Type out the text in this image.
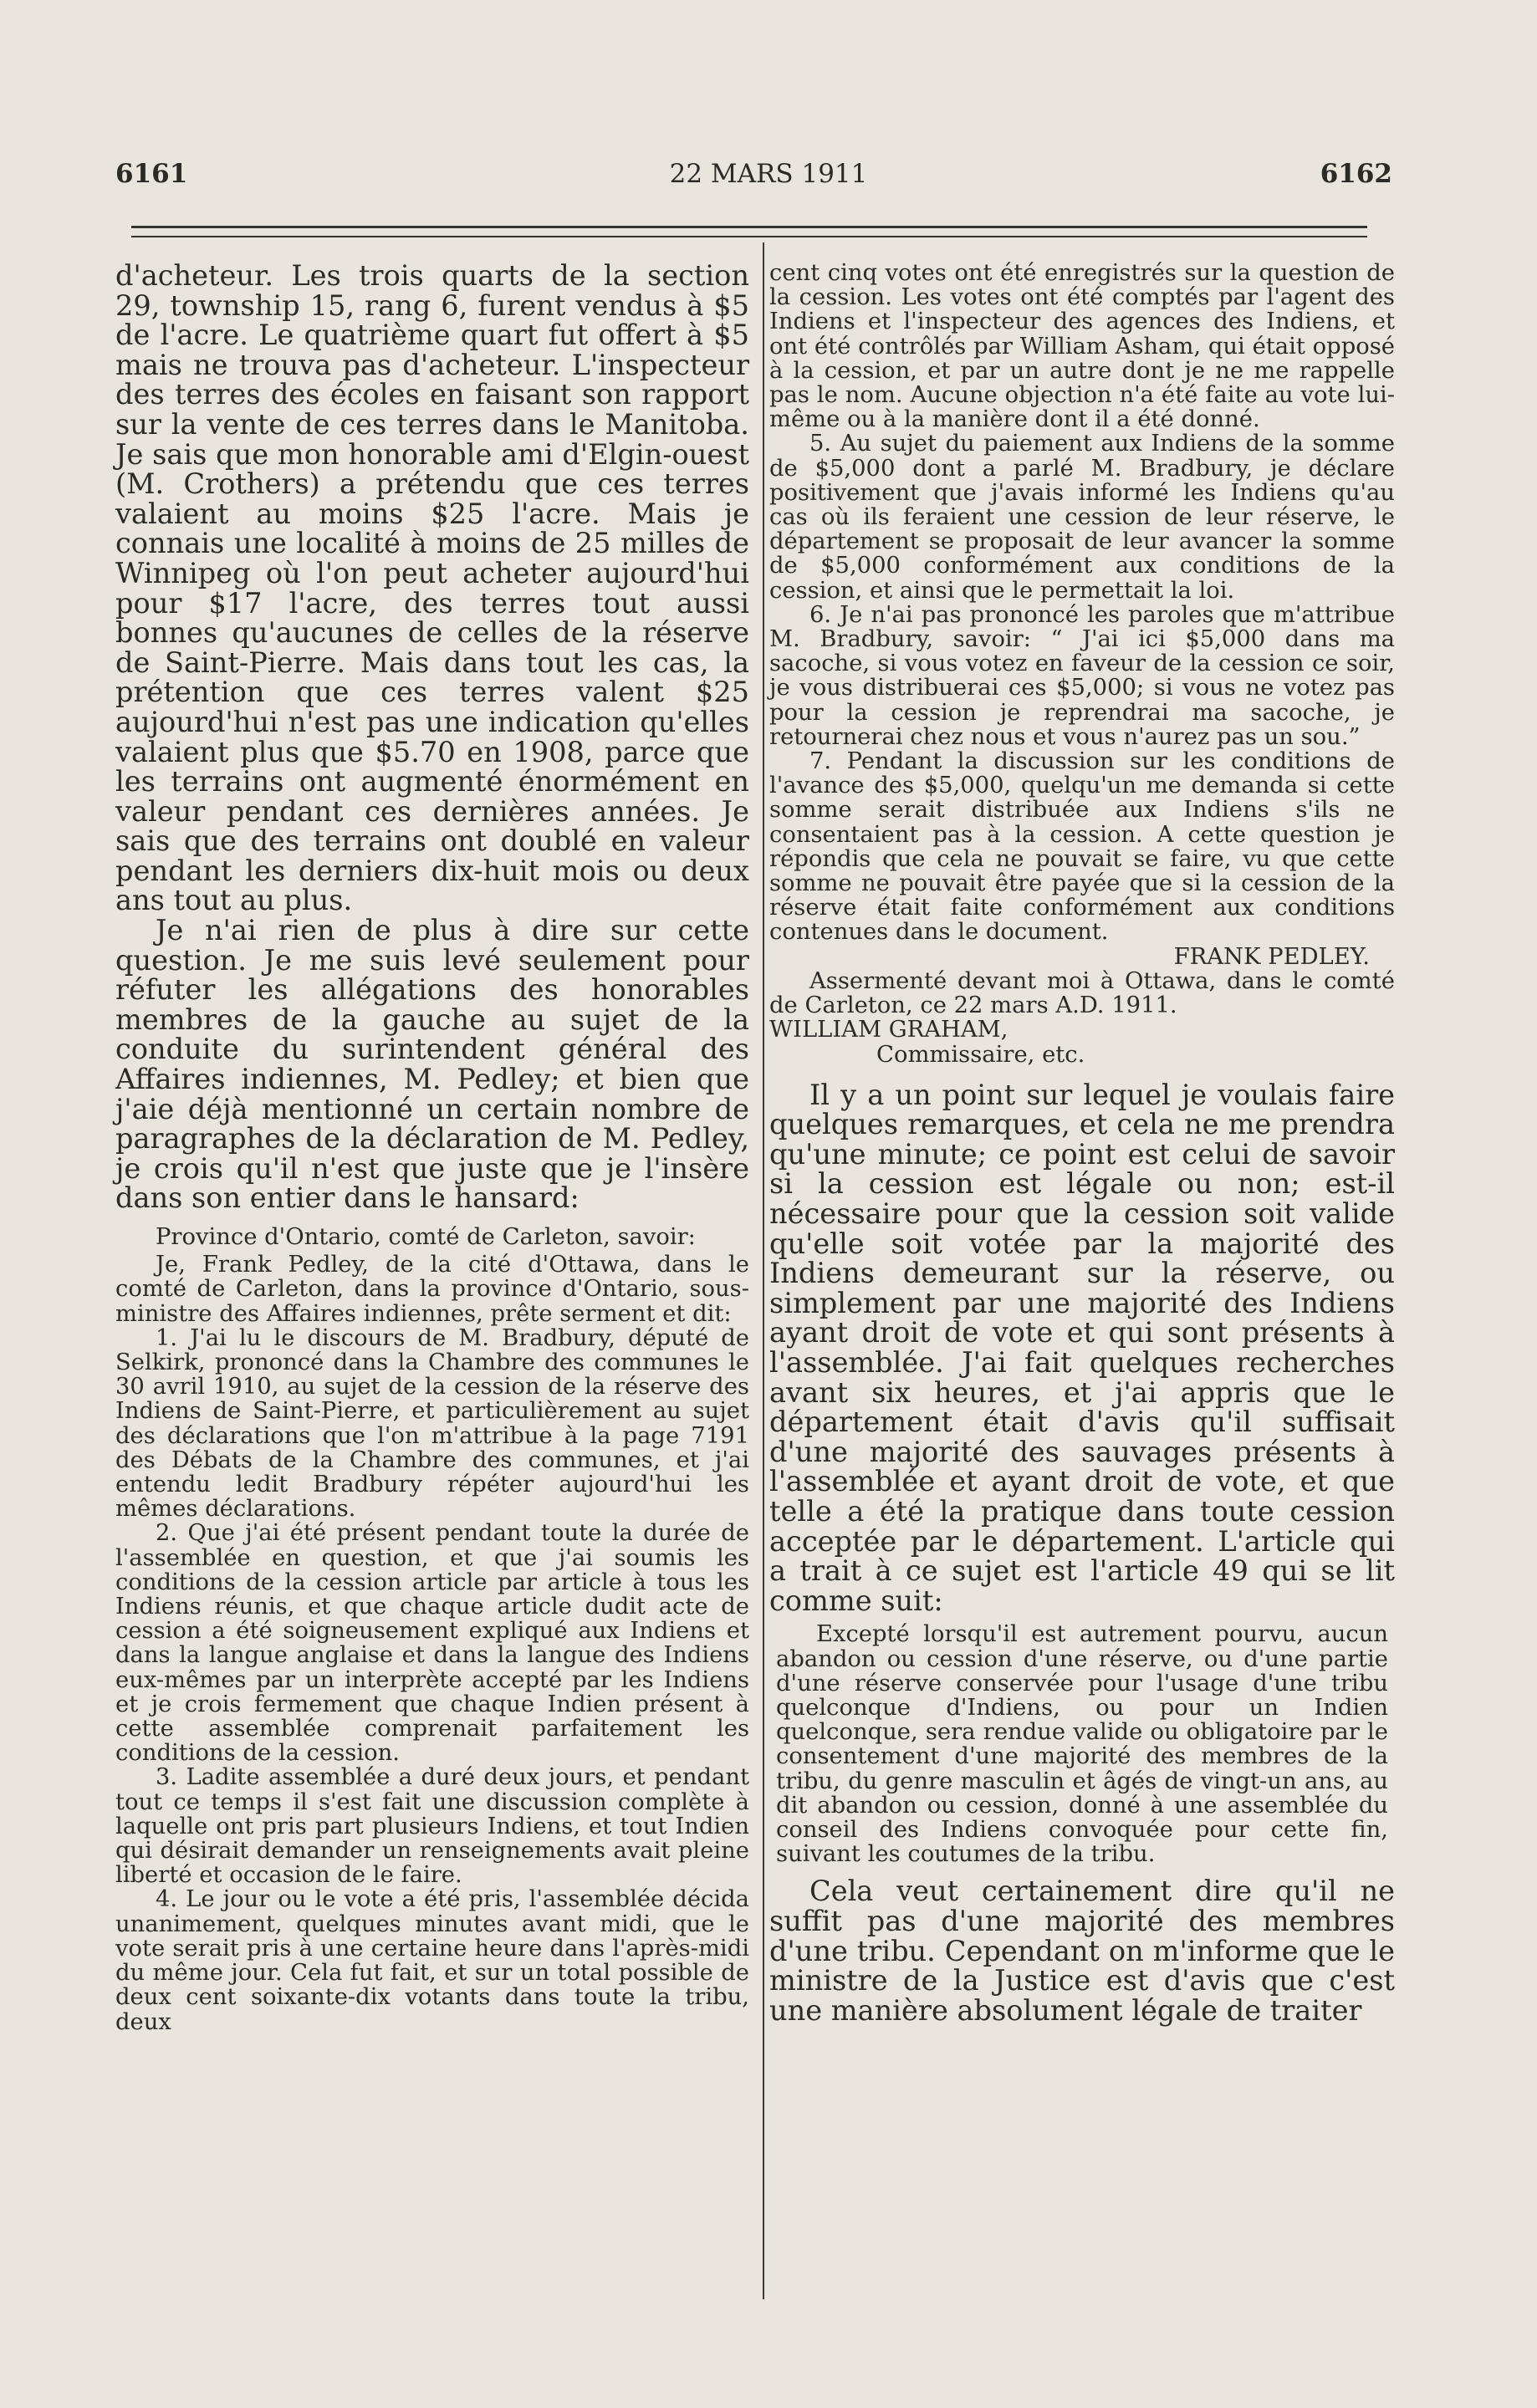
6161	22 MARS 1911	6162

d'acheteur. Les trois quarts de la section 29, township 15, rang 6, furent vendus à $5 de l'acre. Le quatrième quart fut offert à $5 mais ne trouva pas d'acheteur. L'inspecteur des terres des écoles en faisant son rapport sur la vente de ces terres dans le Manitoba. Je sais que mon honorable ami d'Elgin-ouest (M. Crothers) a prétendu que ces terres valaient au moins $25 l'acre. Mais je connais une localité à moins de 25 milles de Winnipeg où l'on peut acheter aujourd'hui pour $17 l'acre, des terres tout aussi bonnes qu'aucunes de celles de la réserve de Saint-Pierre. Mais dans tout les cas, la prétention que ces terres valent $25 aujourd'hui n'est pas une indication qu'elles valaient plus que $5.70 en 1908, parce que les terrains ont augmenté énormément en valeur pendant ces dernières années. Je sais que des terrains ont doublé en valeur pendant les derniers dix-huit mois ou deux ans tout au plus.

Je n'ai rien de plus à dire sur cette question. Je me suis levé seulement pour réfuter les allégations des honorables membres de la gauche au sujet de la conduite du surintendent général des Affaires indiennes, M. Pedley; et bien que j'aie déjà mentionné un certain nombre de paragraphes de la déclaration de M. Pedley, je crois qu'il n'est que juste que je l'insère dans son entier dans le hansard:

Province d'Ontario, comté de Carleton, savoir:

Je, Frank Pedley, de la cité d'Ottawa, dans le comté de Carleton, dans la province d'Ontario, sous-ministre des Affaires indiennes, prête serment et dit:

1. J'ai lu le discours de M. Bradbury, député de Selkirk, prononcé dans la Chambre des communes le 30 avril 1910, au sujet de la cession de la réserve des Indiens de Saint-Pierre, et particulièrement au sujet des déclarations que l'on m'attribue à la page 7191 des Débats de la Chambre des communes, et j'ai entendu ledit Bradbury répéter aujourd'hui les mêmes déclarations.

2. Que j'ai été présent pendant toute la durée de l'assemblée en question, et que j'ai soumis les conditions de la cession article par article à tous les Indiens réunis, et que chaque article dudit acte de cession a été soigneusement expliqué aux Indiens et dans la langue anglaise et dans la langue des Indiens eux-mêmes par un interprète accepté par les Indiens et je crois fermement que chaque Indien présent à cette assemblée comprenait parfaitement les conditions de la cession.

3. Ladite assemblée a duré deux jours, et pendant tout ce temps il s'est fait une discussion complète à laquelle ont pris part plusieurs Indiens, et tout Indien qui désirait demander un renseignements avait pleine liberté et occasion de le faire.

4. Le jour ou le vote a été pris, l'assemblée décida unanimement, quelques minutes avant midi, que le vote serait pris à une certaine heure dans l'après-midi du même jour. Cela fut fait, et sur un total possible de deux cent soixante-dix votants dans toute la tribu, deux

cent cinq votes ont été enregistrés sur la question de la cession. Les votes ont été comptés par l'agent des Indiens et l'inspecteur des agences des Indiens, et ont été contrôlés par William Asham, qui était opposé à la cession, et par un autre dont je ne me rappelle pas le nom. Aucune objection n'a été faite au vote lui-même ou à la manière dont il a été donné.

5. Au sujet du paiement aux Indiens de la somme de $5,000 dont a parlé M. Bradbury, je déclare positivement que j'avais informé les Indiens qu'au cas où ils feraient une cession de leur réserve, le département se proposait de leur avancer la somme de $5,000 conformément aux conditions de la cession, et ainsi que le permettait la loi.

6. Je n'ai pas prononcé les paroles que m'attribue M. Bradbury, savoir: “ J'ai ici $5,000 dans ma sacoche, si vous votez en faveur de la cession ce soir, je vous distribuerai ces $5,000; si vous ne votez pas pour la cession je reprendrai ma sacoche, je retournerai chez nous et vous n'aurez pas un sou.”

7. Pendant la discussion sur les conditions de l'avance des $5,000, quelqu'un me demanda si cette somme serait distribuée aux Indiens s'ils ne consentaient pas à la cession. A cette question je répondis que cela ne pouvait se faire, vu que cette somme ne pouvait être payée que si la cession de la réserve était faite conformément aux conditions contenues dans le document.

FRANK PEDLEY.

Assermenté devant moi à Ottawa, dans le comté de Carleton, ce 22 mars A.D. 1911.

WILLIAM GRAHAM,

Commissaire, etc.

Il y a un point sur lequel je voulais faire quelques remarques, et cela ne me prendra qu'une minute; ce point est celui de savoir si la cession est légale ou non; est-il nécessaire pour que la cession soit valide qu'elle soit votée par la majorité des Indiens demeurant sur la réserve, ou simplement par une majorité des Indiens ayant droit de vote et qui sont présents à l'assemblée. J'ai fait quelques recherches avant six heures, et j'ai appris que le département était d'avis qu'il suffisait d'une majorité des sauvages présents à l'assemblée et ayant droit de vote, et que telle a été la pratique dans toute cession acceptée par le département. L'article qui a trait à ce sujet est l'article 49 qui se lit comme suit:

Excepté lorsqu'il est autrement pourvu, aucun abandon ou cession d'une réserve, ou d'une partie d'une réserve conservée pour l'usage d'une tribu quelconque d'Indiens, ou pour un Indien quelconque, sera rendue valide ou obligatoire par le consentement d'une majorité des membres de la tribu, du genre masculin et âgés de vingt-un ans, au dit abandon ou cession, donné à une assemblée du conseil des Indiens convoquée pour cette fin, suivant les coutumes de la tribu.

Cela veut certainement dire qu'il ne suffit pas d'une majorité des membres d'une tribu. Cependant on m'informe que le ministre de la Justice est d'avis que c'est une manière absolument légale de traiter
